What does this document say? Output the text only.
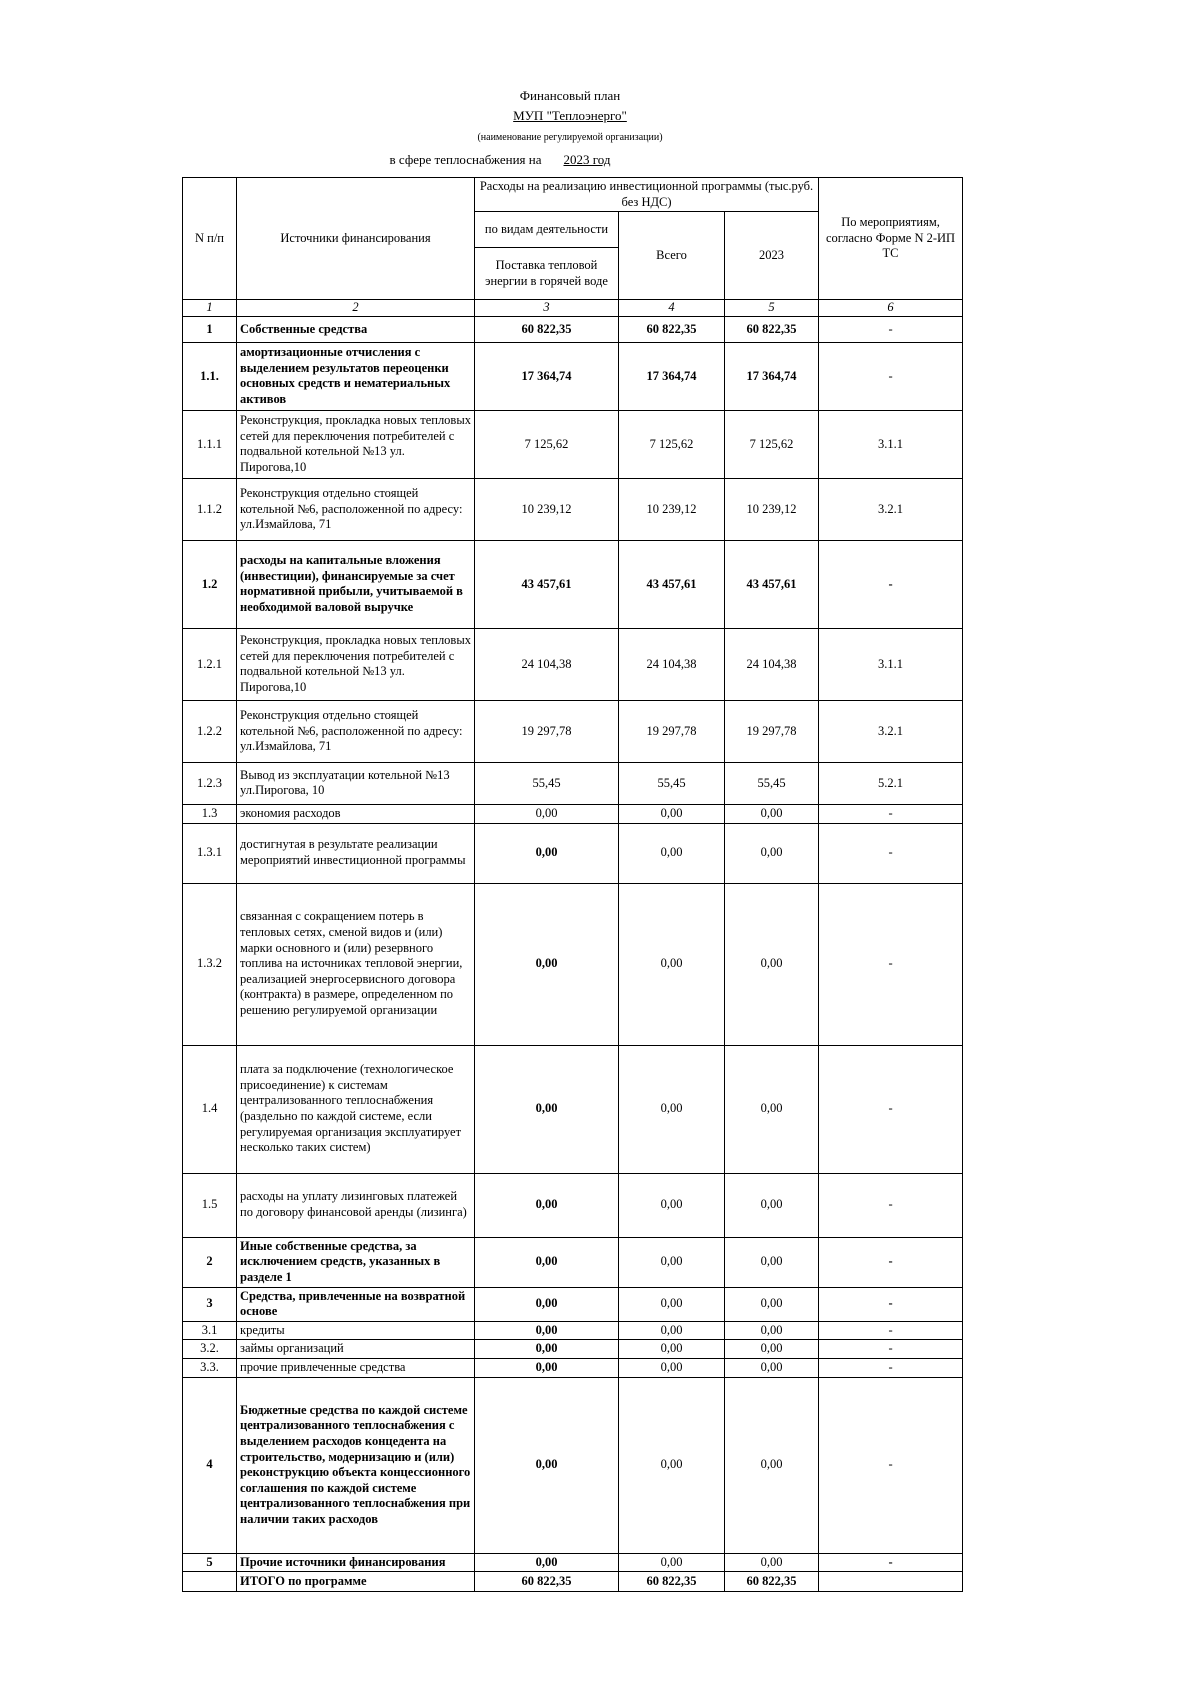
Финансовый план
МУП "Теплоэнерго"
(наименование регулируемой организации)
в сфере теплоснабжения на 2023 год
N п/п	Источники финансирования	Расходы на реализацию инвестиционной программы (тыс.руб. без НДС)			По мероприятиям, согласно Форме N 2-ИП ТС
		по видам деятельности	Всего	2023	
		Поставка тепловой энергии в горячей воде			
1	2	3	4	5	6
1	Собственные средства	60 822,35	60 822,35	60 822,35	-
1.1.	амортизационные отчисления с выделением результатов переоценки основных средств и нематериальных активов	17 364,74	17 364,74	17 364,74	-
1.1.1	Реконструкция, прокладка новых тепловых сетей для переключения потребителей с подвальной котельной №13 ул. Пирогова,10	7 125,62	7 125,62	7 125,62	3.1.1
1.1.2	Реконструкция отдельно стоящей котельной №6, расположенной по адресу: ул.Измайлова, 71	10 239,12	10 239,12	10 239,12	3.2.1
1.2	расходы на капитальные вложения (инвестиции), финансируемые за счет нормативной прибыли, учитываемой в необходимой валовой выручке	43 457,61	43 457,61	43 457,61	-
1.2.1	Реконструкция, прокладка новых тепловых сетей для переключения потребителей с подвальной котельной №13 ул. Пирогова,10	24 104,38	24 104,38	24 104,38	3.1.1
1.2.2	Реконструкция отдельно стоящей котельной №6, расположенной по адресу: ул.Измайлова, 71	19 297,78	19 297,78	19 297,78	3.2.1
1.2.3	Вывод из эксплуатации котельной №13 ул.Пирогова, 10	55,45	55,45	55,45	5.2.1
1.3	экономия расходов	0,00	0,00	0,00	-
1.3.1	достигнутая в результате реализации мероприятий инвестиционной программы	0,00	0,00	0,00	-
1.3.2	связанная с сокращением потерь в тепловых сетях, сменой видов и (или) марки основного и (или) резервного топлива на источниках тепловой энергии, реализацией энергосервисного договора (контракта) в размере, определенном по решению регулируемой организации	0,00	0,00	0,00	-
1.4	плата за подключение (технологическое присоединение) к системам централизованного теплоснабжения (раздельно по каждой системе, если регулируемая организация эксплуатирует несколько таких систем)	0,00	0,00	0,00	-
1.5	расходы на уплату лизинговых платежей по договору финансовой аренды (лизинга)	0,00	0,00	0,00	-
2	Иные собственные средства, за исключением средств, указанных в разделе 1	0,00	0,00	0,00	-
3	Средства, привлеченные на возвратной основе	0,00	0,00	0,00	-
3.1	кредиты	0,00	0,00	0,00	-
3.2.	займы организаций	0,00	0,00	0,00	-
3.3.	прочие привлеченные средства	0,00	0,00	0,00	-
4	Бюджетные средства по каждой системе централизованного теплоснабжения с выделением расходов концедента на строительство, модернизацию и (или) реконструкцию объекта концессионного соглашения по каждой системе централизованного теплоснабжения при наличии таких расходов	0,00	0,00	0,00	-
5	Прочие источники финансирования	0,00	0,00	0,00	-
	ИТОГО по программе	60 822,35	60 822,35	60 822,35	
